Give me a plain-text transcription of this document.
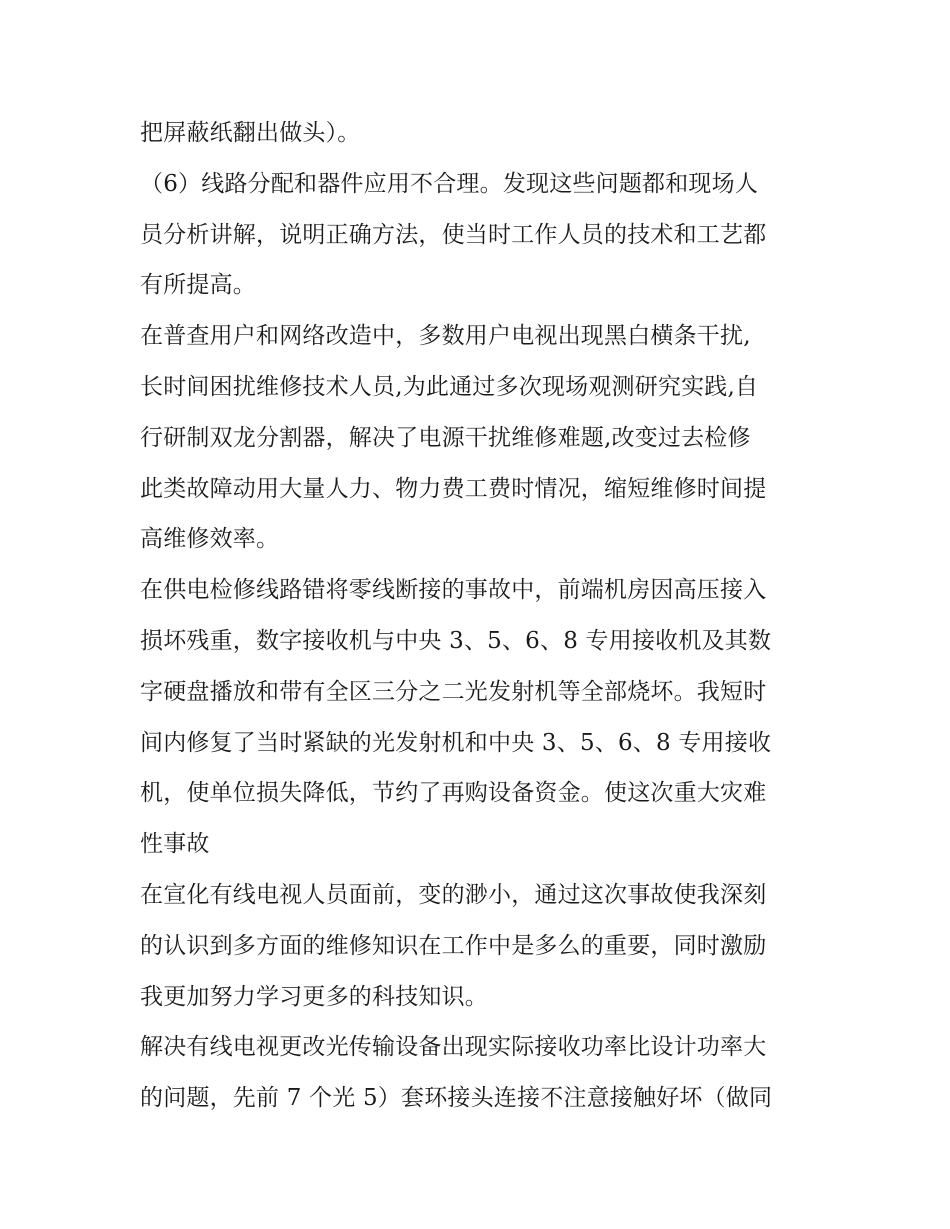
把屏蔽纸翻出做头）。
（6）线路分配和器件应用不合理。发现这些问题都和现场人
员分析讲解，说明正确方法，使当时工作人员的技术和工艺都
有所提高。
在普查用户和网络改造中，多数用户电视出现黑白横条干扰,
长时间困扰维修技术人员,为此通过多次现场观测研究实践,自
行研制双龙分割器，解决了电源干扰维修难题,改变过去检修
此类故障动用大量人力、物力费工费时情况，缩短维修时间提
高维修效率。
在供电检修线路错将零线断接的事故中，前端机房因高压接入
损坏残重，数字接收机与中央 3、5、6、8 专用接收机及其数
字硬盘播放和带有全区三分之二光发射机等全部烧坏。我短时
间内修复了当时紧缺的光发射机和中央 3、5、6、8 专用接收
机，使单位损失降低，节约了再购设备资金。使这次重大灾难
性事故
在宣化有线电视人员面前，变的渺小，通过这次事故使我深刻
的认识到多方面的维修知识在工作中是多么的重要，同时激励
我更加努力学习更多的科技知识。
解决有线电视更改光传输设备出现实际接收功率比设计功率大
的问题，先前 7 个光 5）套环接头连接不注意接触好坏（做同
